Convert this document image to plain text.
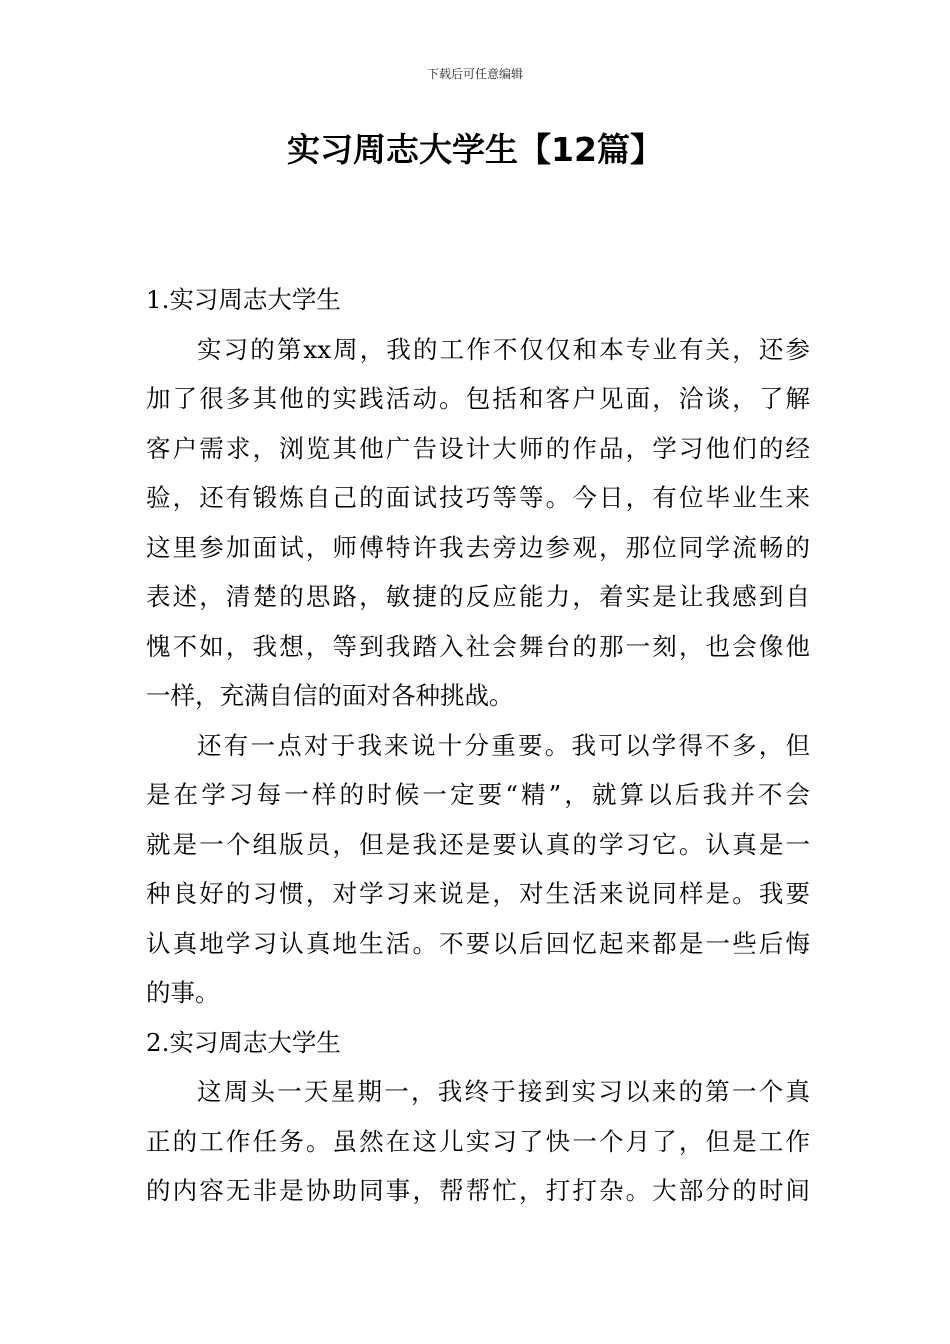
下载后可任意编辑
实习周志大学生【12篇】
1.实习周志大学生
实习的第xx周，我的工作不仅仅和本专业有关，还参
加了很多其他的实践活动。包括和客户见面，洽谈，了解
客户需求，浏览其他广告设计大师的作品，学习他们的经
验，还有锻炼自己的面试技巧等等。今日，有位毕业生来
这里参加面试，师傅特许我去旁边参观，那位同学流畅的
表述，清楚的思路，敏捷的反应能力，着实是让我感到自
愧不如，我想，等到我踏入社会舞台的那一刻，也会像他
一样，充满自信的面对各种挑战。
还有一点对于我来说十分重要。我可以学得不多，但
是在学习每一样的时候一定要“精”，就算以后我并不会
就是一个组版员，但是我还是要认真的学习它。认真是一
种良好的习惯，对学习来说是，对生活来说同样是。我要
认真地学习认真地生活。不要以后回忆起来都是一些后悔
的事。
2.实习周志大学生
这周头一天星期一，我终于接到实习以来的第一个真
正的工作任务。虽然在这儿实习了快一个月了，但是工作
的内容无非是协助同事，帮帮忙，打打杂。大部分的时间
